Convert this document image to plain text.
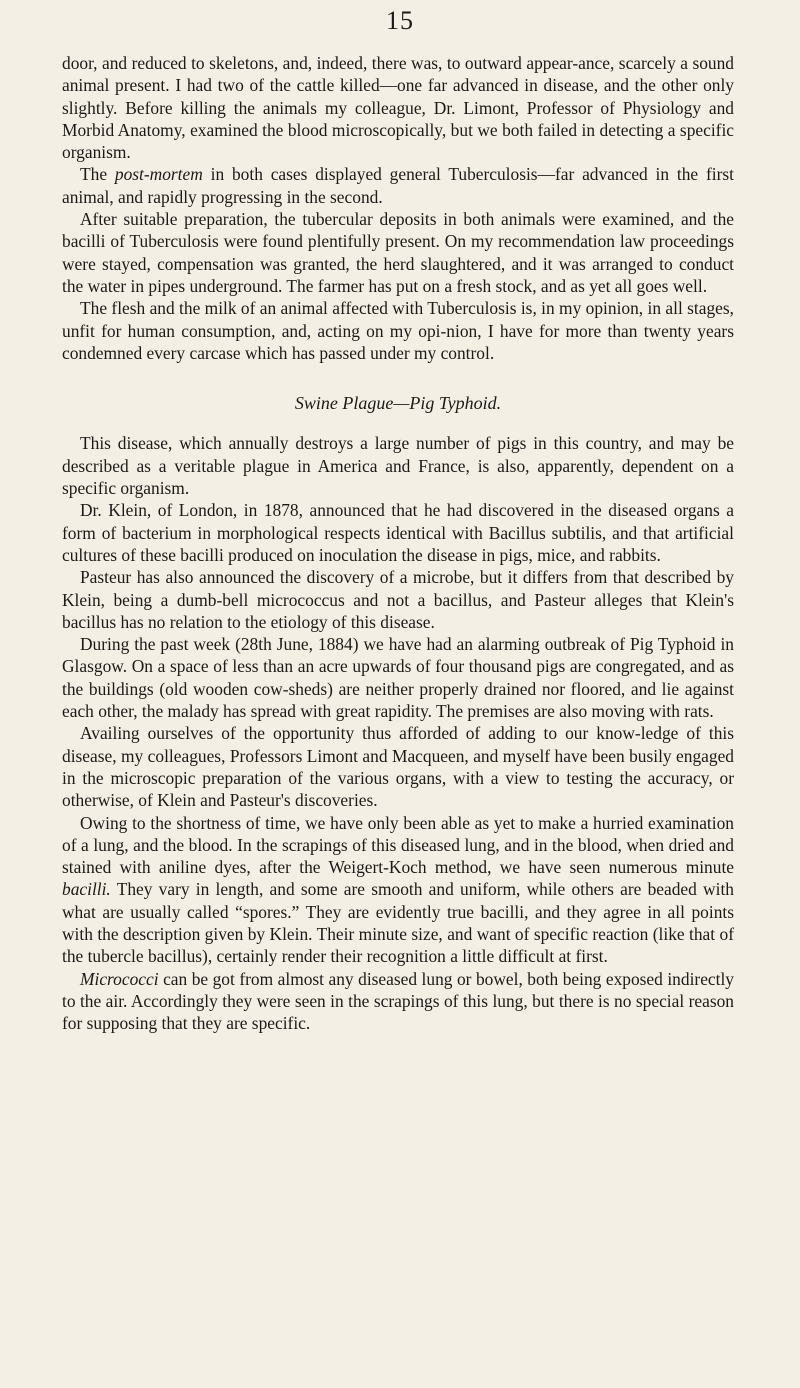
15

door, and reduced to skeletons, and, indeed, there was, to outward appear-ance, scarcely a sound animal present. I had two of the cattle killed—one far advanced in disease, and the other only slightly. Before killing the animals my colleague, Dr. Limont, Professor of Physiology and Morbid Anatomy, examined the blood microscopically, but we both failed in detecting a specific organism.

The post-mortem in both cases displayed general Tuberculosis—far advanced in the first animal, and rapidly progressing in the second.

After suitable preparation, the tubercular deposits in both animals were examined, and the bacilli of Tuberculosis were found plentifully present. On my recommendation law proceedings were stayed, compensation was granted, the herd slaughtered, and it was arranged to conduct the water in pipes underground. The farmer has put on a fresh stock, and as yet all goes well.

The flesh and the milk of an animal affected with Tuberculosis is, in my opinion, in all stages, unfit for human consumption, and, acting on my opi-nion, I have for more than twenty years condemned every carcase which has passed under my control.

Swine Plague—Pig Typhoid.

This disease, which annually destroys a large number of pigs in this country, and may be described as a veritable plague in America and France, is also, apparently, dependent on a specific organism.

Dr. Klein, of London, in 1878, announced that he had discovered in the diseased organs a form of bacterium in morphological respects identical with Bacillus subtilis, and that artificial cultures of these bacilli produced on inoculation the disease in pigs, mice, and rabbits.

Pasteur has also announced the discovery of a microbe, but it differs from that described by Klein, being a dumb-bell micrococcus and not a bacillus, and Pasteur alleges that Klein's bacillus has no relation to the etiology of this disease.

During the past week (28th June, 1884) we have had an alarming outbreak of Pig Typhoid in Glasgow. On a space of less than an acre upwards of four thousand pigs are congregated, and as the buildings (old wooden cow-sheds) are neither properly drained nor floored, and lie against each other, the malady has spread with great rapidity. The premises are also moving with rats.

Availing ourselves of the opportunity thus afforded of adding to our know-ledge of this disease, my colleagues, Professors Limont and Macqueen, and myself have been busily engaged in the microscopic preparation of the various organs, with a view to testing the accuracy, or otherwise, of Klein and Pasteur's discoveries.

Owing to the shortness of time, we have only been able as yet to make a hurried examination of a lung, and the blood. In the scrapings of this diseased lung, and in the blood, when dried and stained with aniline dyes, after the Weigert-Koch method, we have seen numerous minute bacilli. They vary in length, and some are smooth and uniform, while others are beaded with what are usually called “spores.” They are evidently true bacilli, and they agree in all points with the description given by Klein. Their minute size, and want of specific reaction (like that of the tubercle bacillus), certainly render their recognition a little difficult at first.

Micrococci can be got from almost any diseased lung or bowel, both being exposed indirectly to the air. Accordingly they were seen in the scrapings of this lung, but there is no special reason for supposing that they are specific.
